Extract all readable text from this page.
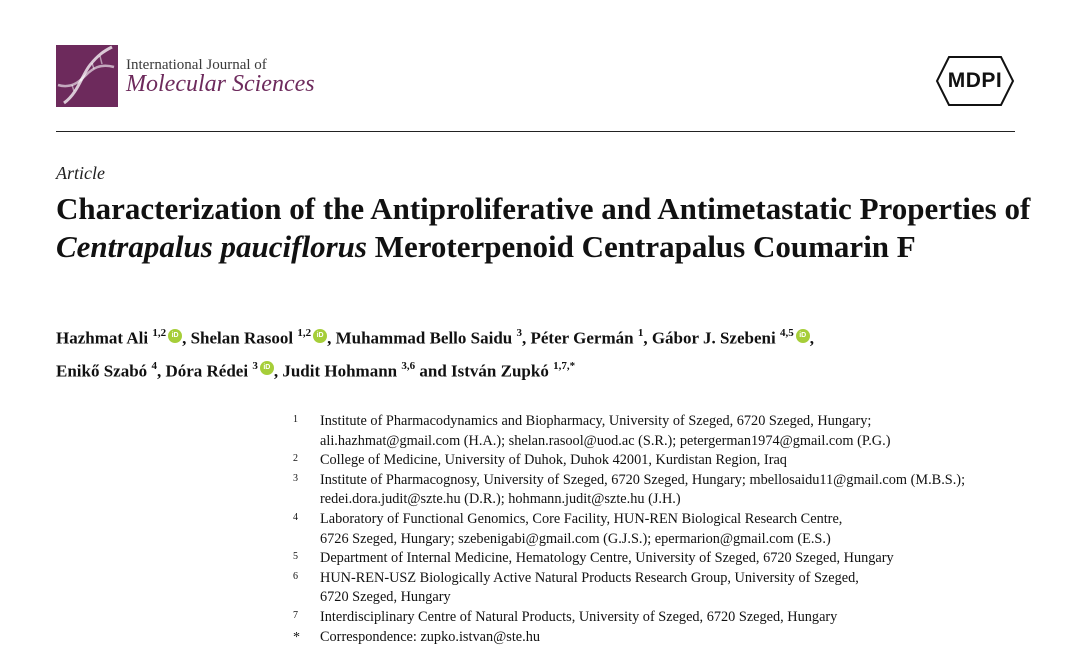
International Journal of
Molecular Sciences	MDPI
Article
Characterization of the Antiproliferative and Antimetastatic Properties of Centrapalus pauciflorus Meroterpenoid Centrapalus Coumarin F
Hazhmat Ali $^{1,2}$ iD , Shelan Rasool $^{1,2}$ iD , Muhammad Bello Saidu $^3$, Péter Germán $^1$, Gábor J. Szebeni $^{4,5}$ iD ,
Enikő Szabó $^4$, Dóra Rédei $^3$ iD , Judit Hohmann $^{3,6}$ and István Zupkó $^{1,7,*}$
1	Institute of Pharmacodynamics and Biopharmacy, University of Szeged, 6720 Szeged, Hungary;
ali.hazhmat@gmail.com (H.A.); shelan.rasool@uod.ac (S.R.); petergerman1974@gmail.com (P.G.)
2	College of Medicine, University of Duhok, Duhok 42001, Kurdistan Region, Iraq
3	Institute of Pharmacognosy, University of Szeged, 6720 Szeged, Hungary; mbellosaidu11@gmail.com (M.B.S.);
redei.dora.judit@szte.hu (D.R.); hohmann.judit@szte.hu (J.H.)
4	Laboratory of Functional Genomics, Core Facility, HUN-REN Biological Research Centre,
6726 Szeged, Hungary; szebenigabi@gmail.com (G.J.S.); epermarion@gmail.com (E.S.)
5	Department of Internal Medicine, Hematology Centre, University of Szeged, 6720 Szeged, Hungary
6	HUN-REN-USZ Biologically Active Natural Products Research Group, University of Szeged,
6720 Szeged, Hungary
7	Interdisciplinary Centre of Natural Products, University of Szeged, 6720 Szeged, Hungary
*	Correspondence: zupko.istvan@ste.hu
